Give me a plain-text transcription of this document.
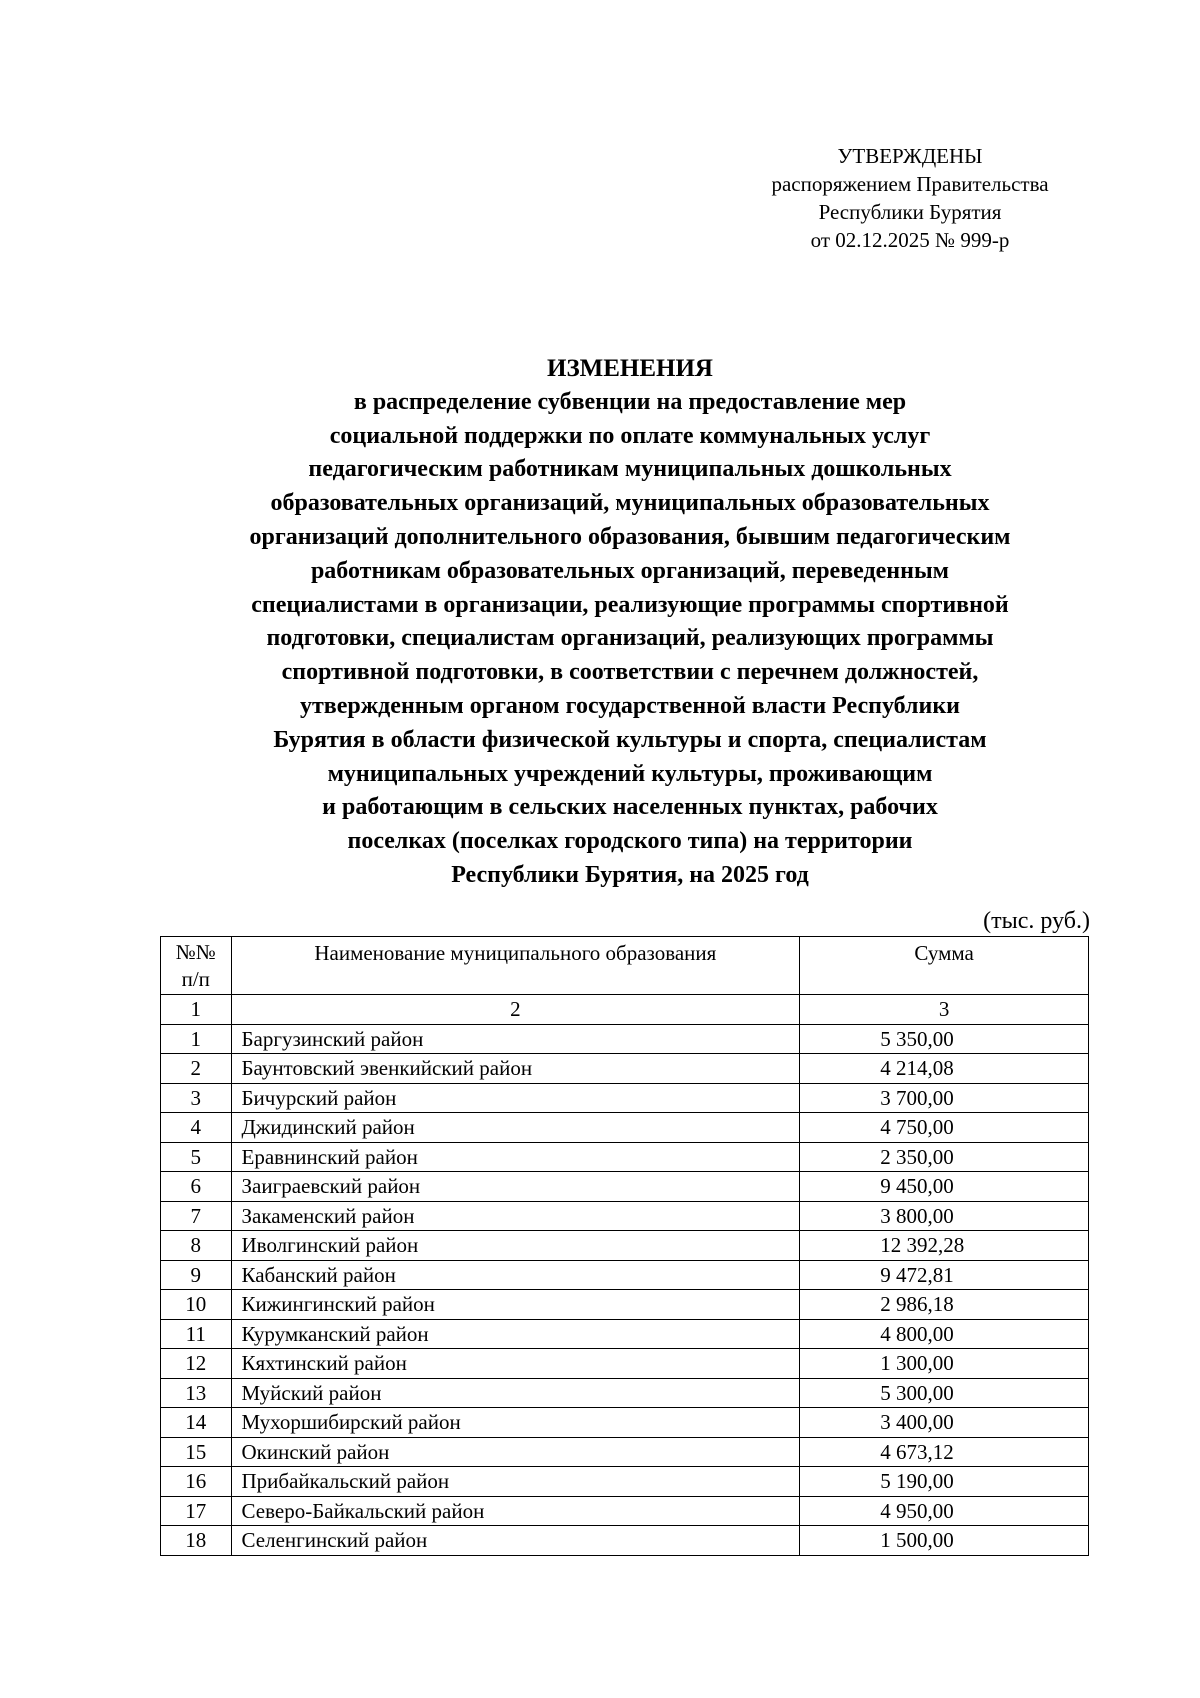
УТВЕРЖДЕНЫ
распоряжением Правительства
Республики Бурятия
от 02.12.2025 № 999-р
ИЗМЕНЕНИЯ
в распределение субвенции на предоставление мер
социальной поддержки по оплате коммунальных услуг
педагогическим работникам муниципальных дошкольных
образовательных организаций, муниципальных образовательных
организаций дополнительного образования, бывшим педагогическим
работникам образовательных организаций, переведенным
специалистами в организации, реализующие программы спортивной
подготовки, специалистам организаций, реализующих программы
спортивной подготовки, в соответствии с перечнем должностей,
утвержденным органом государственной власти Республики
Бурятия в области физической культуры и спорта, специалистам
муниципальных учреждений культуры, проживающим
и работающим в сельских населенных пунктах, рабочих
поселках (поселках городского типа) на территории
Республики Бурятия, на 2025 год
(тыс. руб.)
№№
п/п	Наименование муниципального образования	Сумма
1	2	3
1	Баргузинский район	5 350,00
2	Баунтовский эвенкийский район	4 214,08
3	Бичурский район	3 700,00
4	Джидинский район	4 750,00
5	Еравнинский район	2 350,00
6	Заиграевский район	9 450,00
7	Закаменский район	3 800,00
8	Иволгинский район	12 392,28
9	Кабанский район	9 472,81
10	Кижингинский район	2 986,18
11	Курумканский район	4 800,00
12	Кяхтинский район	1 300,00
13	Муйский район	5 300,00
14	Мухоршибирский район	3 400,00
15	Окинский район	4 673,12
16	Прибайкальский район	5 190,00
17	Северо-Байкальский район	4 950,00
18	Селенгинский район	1 500,00
